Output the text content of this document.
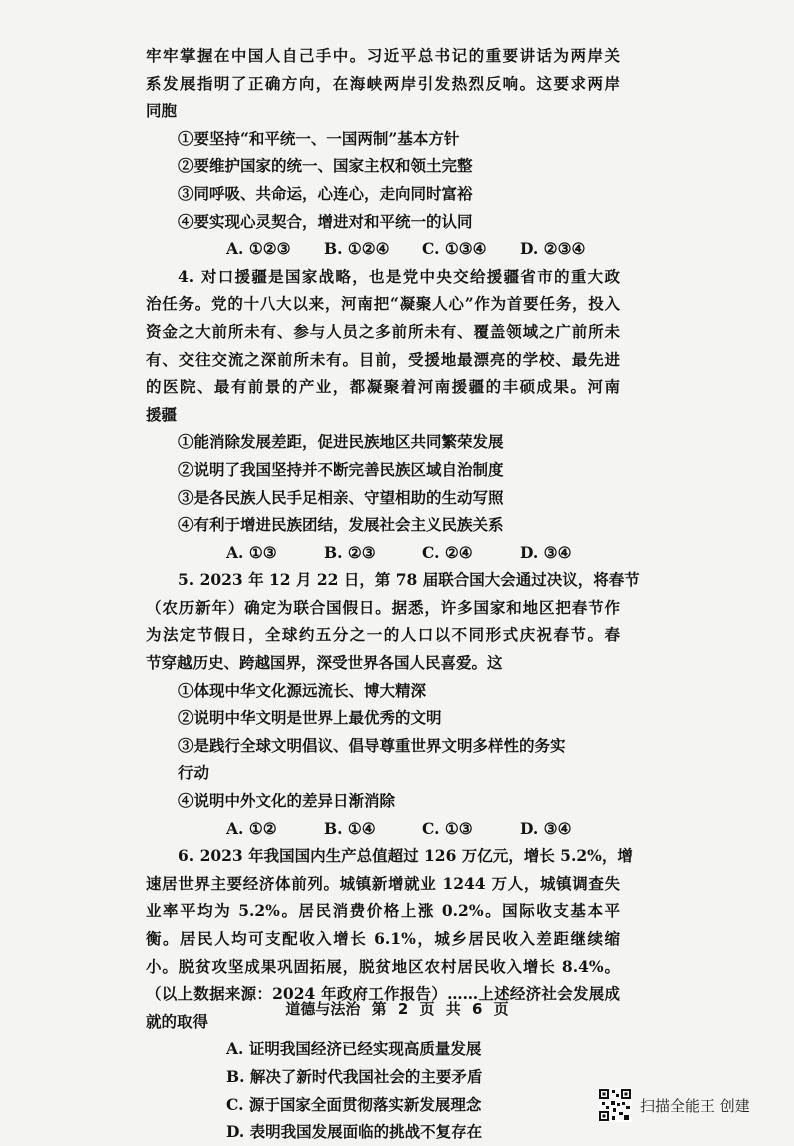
牢牢掌握在中国人自己手中。习近平总书记的重要讲话为两岸关
系发展指明了正确方向，在海峡两岸引发热烈反响。这要求两岸
同胞
①要坚持“和平统一、一国两制”基本方针
②要维护国家的统一、国家主权和领土完整
③同呼吸、共命运，心连心，走向同时富裕
④要实现心灵契合，增进对和平统一的认同
A. ①②③	B. ①②④	C. ①③④	D. ②③④
4. 对口援疆是国家战略，也是党中央交给援疆省市的重大政
治任务。党的十八大以来，河南把“凝聚人心”作为首要任务，投入
资金之大前所未有、参与人员之多前所未有、覆盖领域之广前所未
有、交往交流之深前所未有。目前，受援地最漂亮的学校、最先进
的医院、最有前景的产业，都凝聚着河南援疆的丰硕成果。河南
援疆
①能消除发展差距，促进民族地区共同繁荣发展
②说明了我国坚持并不断完善民族区域自治制度
③是各民族人民手足相亲、守望相助的生动写照
④有利于增进民族团结，发展社会主义民族关系
A. ①③	B. ②③	C. ②④	D. ③④
5. 2023 年 12 月 22 日，第 78 届联合国大会通过决议，将春节
（农历新年）确定为联合国假日。据悉，许多国家和地区把春节作
为法定节假日，全球约五分之一的人口以不同形式庆祝春节。春
节穿越历史、跨越国界，深受世界各国人民喜爱。这
①体现中华文化源远流长、博大精深
②说明中华文明是世界上最优秀的文明
③是践行全球文明倡议、倡导尊重世界文明多样性的务实
行动
④说明中外文化的差异日渐消除
A. ①②	B. ①④	C. ①③	D. ③④
6. 2023 年我国国内生产总值超过 126 万亿元，增长 5.2%，增
速居世界主要经济体前列。城镇新增就业 1244 万人，城镇调查失
业率平均为 5.2%。居民消费价格上涨 0.2%。国际收支基本平
衡。居民人均可支配收入增长 6.1%，城乡居民收入差距继续缩
小。脱贫攻坚成果巩固拓展，脱贫地区农村居民收入增长 8.4%。
（以上数据来源：2024 年政府工作报告）……上述经济社会发展成
就的取得
A. 证明我国经济已经实现高质量发展
B. 解决了新时代我国社会的主要矛盾
C. 源于国家全面贯彻落实新发展理念
D. 表明我国发展面临的挑战不复存在
道德与法治 第 2 页 共 6 页
扫描全能王 创建
